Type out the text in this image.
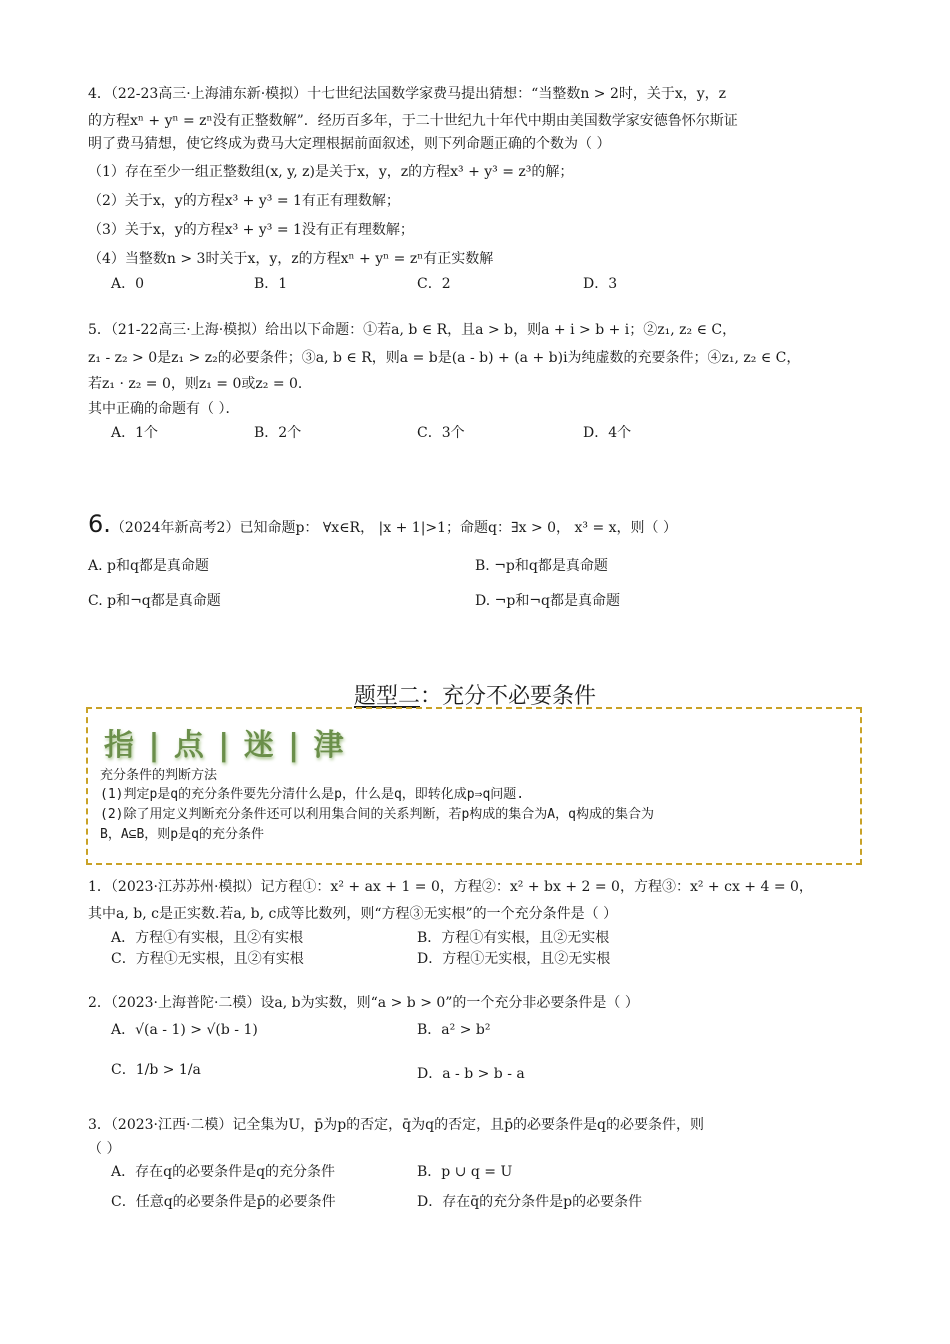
4．（22-23高三·上海浦东新·模拟）十七世纪法国数学家费马提出猜想：“当整数n > 2时，关于x，y，z
的方程xⁿ + yⁿ = zⁿ没有正整数解”．经历百多年，于二十世纪九十年代中期由美国数学家安德鲁怀尔斯证
明了费马猜想，使它终成为费马大定理根据前面叙述，则下列命题正确的个数为（ ）
（1）存在至少一组正整数组(x, y, z)是关于x，y，z的方程x³ + y³ = z³的解；
（2）关于x，y的方程x³ + y³ = 1有正有理数解；
（3）关于x，y的方程x³ + y³ = 1没有正有理数解；
（4）当整数n > 3时关于x，y，z的方程xⁿ + yⁿ = zⁿ有正实数解
A．0	B．1	C．2	D．3
5．（21-22高三·上海·模拟）给出以下命题：①若a, b ∈ R，且a > b，则a + i > b + i；②z₁, z₂ ∈ C，
z₁ - z₂ > 0是z₁ > z₂的必要条件；③a, b ∈ R，则a = b是(a - b) + (a + b)i为纯虚数的充要条件；④z₁, z₂ ∈ C，
若z₁ · z₂ = 0，则z₁ = 0或z₂ = 0．
其中正确的命题有（ ）．
A．1个	B．2个	C．3个	D．4个
6.（2024年新高考2）已知命题p： ∀x∈R， |x + 1|>1；命题q：∃x > 0， x³ = x，则（ ）
A. p和q都是真命题	B. ¬p和q都是真命题
C. p和¬q都是真命题	D. ¬p和¬q都是真命题
题型二：充分不必要条件
指 | 点 | 迷 | 津
充分条件的判断方法
(1)判定p是q的充分条件要先分清什么是p，什么是q，即转化成p⇒q问题.
(2)除了用定义判断充分条件还可以利用集合间的关系判断，若p构成的集合为A，q构成的集合为
B，A⊆B，则p是q的充分条件
1．（2023·江苏苏州·模拟）记方程①：x² + ax + 1 = 0，方程②：x² + bx + 2 = 0，方程③：x² + cx + 4 = 0，
其中a, b, c是正实数.若a, b, c成等比数列，则“方程③无实根”的一个充分条件是（ ）
A．方程①有实根，且②有实根	B．方程①有实根，且②无实根
C．方程①无实根，且②有实根	D．方程①无实根，且②无实根
2．（2023·上海普陀·二模）设a, b为实数，则“a > b > 0”的一个充分非必要条件是（ ）
A．√(a - 1) > √(b - 1)	B．a² > b²
C．1/b > 1/a	D．a - b > b - a
3．（2023·江西·二模）记全集为U，p̄为p的否定，q̄为q的否定，且p̄的必要条件是q的必要条件，则
（ ）
A．存在q的必要条件是q的充分条件	B．p ∪ q = U
C．任意q的必要条件是p̄的必要条件	D．存在q̄的充分条件是p的必要条件
